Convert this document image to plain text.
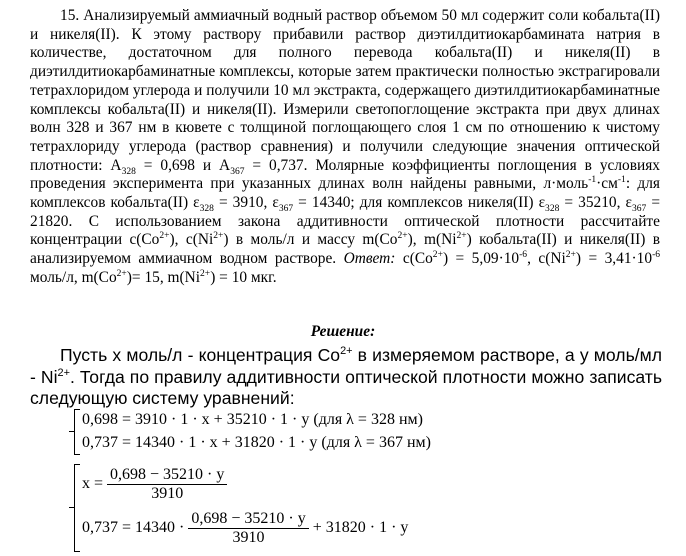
15. Анализируемый аммиачный водный раствор объемом 50 мл содержит соли кобальта(II) и никеля(II). К этому раствору прибавили раствор диэтилдитиокарбамината натрия в количестве, достаточном для полного перевода кобальта(II) и никеля(II) в диэтилдитиокарбаминатные комплексы, которые затем практически полностью экстрагировали тетрахлоридом углерода и получили 10 мл экстракта, содержащего диэтилдитиокарбаминатные комплексы кобальта(II) и никеля(II). Измерили светопоглощение экстракта при двух длинах волн 328 и 367 нм в кювете с толщиной поглощающего слоя 1 см по отношению к чистому тетрахлориду углерода (раствор сравнения) и получили следующие значения оптической плотности: $A_{328} = 0,698$ и $A_{367} = 0,737$. Молярные коэффициенты поглощения в условиях проведения эксперимента при указанных длинах волн найдены равными, $л\cdot моль^{-1}\cdot см^{-1}$: для комплексов кобальта(II) $\varepsilon_{328} = 3910$, $\varepsilon_{367} = 14340$; для комплексов никеля(II) $\varepsilon_{328} = 35210$, $\varepsilon_{367} = 21820$. С использованием закона аддитивности оптической плотности рассчитайте концентрации $c(Co^{2+})$, $c(Ni^{2+})$ в моль/л и массу $m(Co^{2+})$, $m(Ni^{2+})$ кобальта(II) и никеля(II) в анализируемом аммиачном водном растворе. Ответ: $c(Co^{2+}) = 5,09\cdot 10^{-6}$, $c(Ni^{2+}) = 3,41\cdot 10^{-6}$ моль/л, $m(Co^{2+})= 15$, $m(Ni^{2+}) = 10$ мкг.

Решение:

Пусть x моль/л - концентрация $Co^{2+}$ в измеряемом растворе, а y моль/мл - $Ni^{2+}$. Тогда по правилу аддитивности оптической плотности можно записать следующую систему уравнений:

0,698 = 3910 · 1 · x + 35210 · 1 · y (для λ = 328 нм)
0,737 = 14340 · 1 · x + 31820 · 1 · y (для λ = 367 нм)
$x = \frac{0,698 - 35210 \cdot y}{3910}$
$0,737 = 14340 \cdot \frac{0,698 - 35210 \cdot y}{3910} + 31820 \cdot 1 \cdot y$
